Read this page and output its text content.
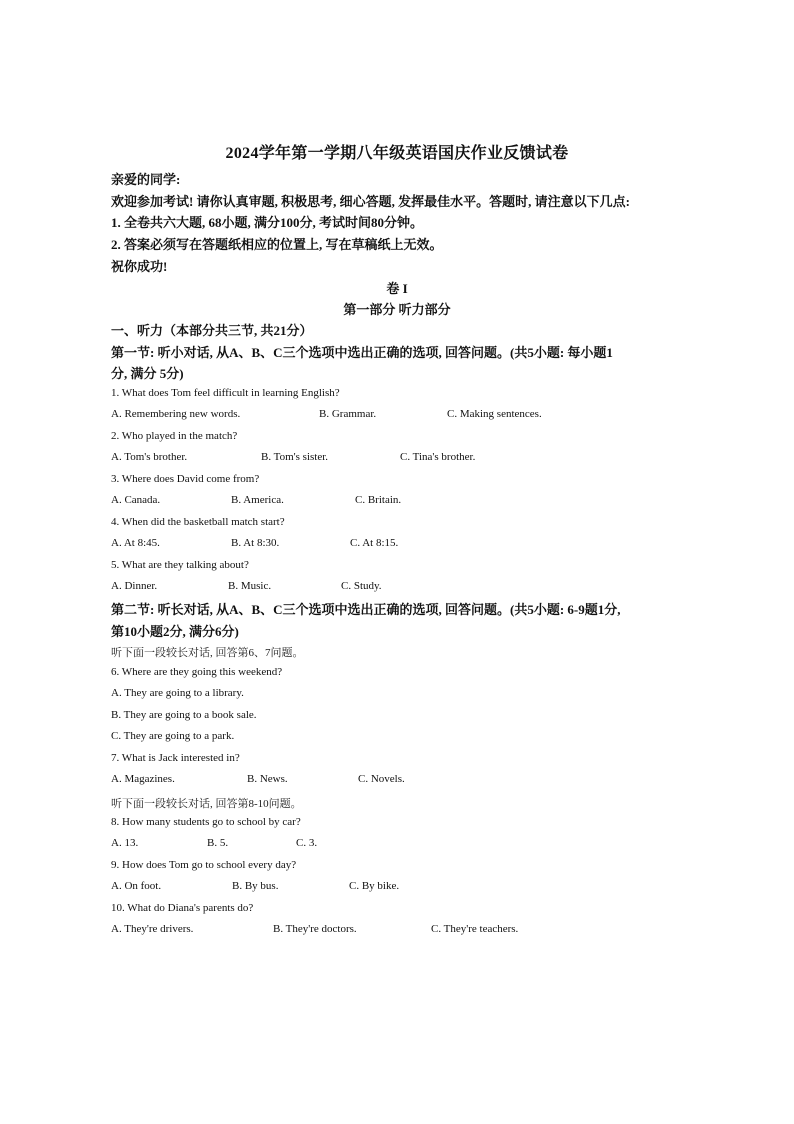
2024学年第一学期八年级英语国庆作业反馈试卷
亲爱的同学:
欢迎参加考试! 请你认真审题, 积极思考, 细心答题, 发挥最佳水平。答题时, 请注意以下几点:
1. 全卷共六大题, 68小题, 满分100分, 考试时间80分钟。
2. 答案必须写在答题纸相应的位置上, 写在草稿纸上无效。
祝你成功!
卷 I
第一部分 听力部分
一、听力（本部分共三节, 共21分）
第一节: 听小对话, 从A、B、C三个选项中选出正确的选项, 回答问题。(共5小题: 每小题1
分, 满分 5分)
1. What does Tom feel difficult in learning English?
A. Remembering new words.	B. Grammar.	C. Making sentences.
2. Who played in the match?
A. Tom's brother.	B. Tom's sister.	C. Tina's brother.
3. Where does David come from?
A. Canada.	B. America.	C. Britain.
4. When did the basketball match start?
A. At 8:45.	B. At 8:30.	C. At 8:15.
5. What are they talking about?
A. Dinner.	B. Music.	C. Study.
第二节: 听长对话, 从A、B、C三个选项中选出正确的选项, 回答问题。(共5小题: 6-9题1分,
第10小题2分, 满分6分)
听下面一段较长对话, 回答第6、7问题。
6. Where are they going this weekend?
A. They are going to a library.
B. They are going to a book sale.
C. They are going to a park.
7. What is Jack interested in?
A. Magazines.	B. News.	C. Novels.
听下面一段较长对话, 回答第8-10问题。
8. How many students go to school by car?
A. 13.	B. 5.	C. 3.
9. How does Tom go to school every day?
A. On foot.	B. By bus.	C. By bike.
10. What do Diana's parents do?
A. They're drivers.	B. They're doctors.	C. They're teachers.
